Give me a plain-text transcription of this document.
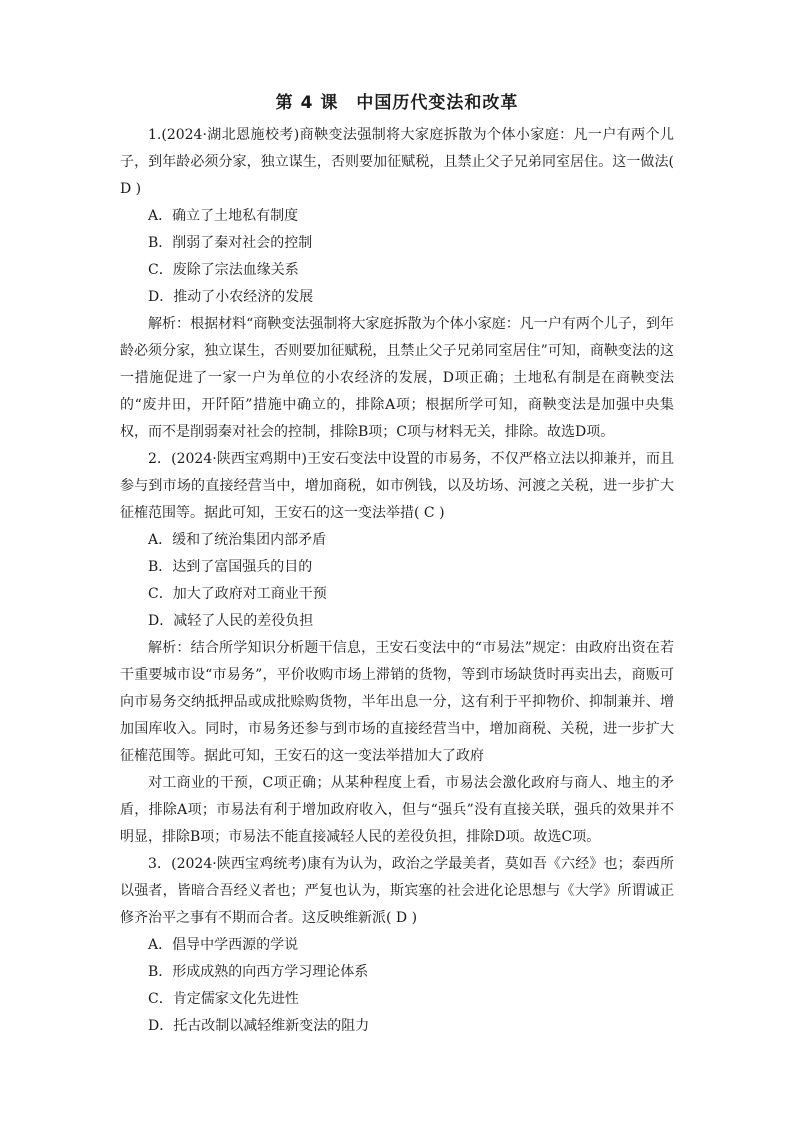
第 4 课　中国历代变法和改革

1.(2024·湖北恩施校考)商鞅变法强制将大家庭拆散为个体小家庭：凡一户有两个儿子，到年龄必须分家，独立谋生，否则要加征赋税，且禁止父子兄弟同室居住。这一做法( D )

A．确立了土地私有制度

B．削弱了秦对社会的控制

C．废除了宗法血缘关系

D．推动了小农经济的发展

解析：根据材料“商鞅变法强制将大家庭拆散为个体小家庭：凡一户有两个儿子，到年龄必须分家，独立谋生，否则要加征赋税，且禁止父子兄弟同室居住”可知，商鞅变法的这一措施促进了一家一户为单位的小农经济的发展，D项正确；土地私有制是在商鞅变法的“废井田，开阡陌”措施中确立的，排除A项；根据所学可知，商鞅变法是加强中央集权，而不是削弱秦对社会的控制，排除B项；C项与材料无关，排除。故选D项。

2．(2024·陕西宝鸡期中)王安石变法中设置的市易务，不仅严格立法以抑兼并，而且参与到市场的直接经营当中，增加商税，如市例钱，以及坊场、河渡之关税，进一步扩大征榷范围等。据此可知，王安石的这一变法举措( C )

A．缓和了统治集团内部矛盾

B．达到了富国强兵的目的

C．加大了政府对工商业干预

D．减轻了人民的差役负担

解析：结合所学知识分析题干信息，王安石变法中的“市易法”规定：由政府出资在若干重要城市设“市易务”，平价收购市场上滞销的货物，等到市场缺货时再卖出去，商贩可向市易务交纳抵押品或成批赊购货物，半年出息一分，这有利于平抑物价、抑制兼并、增加国库收入。同时，市易务还参与到市场的直接经营当中，增加商税、关税，进一步扩大征榷范围等。据此可知，王安石的这一变法举措加大了政府

对工商业的干预，C项正确；从某种程度上看，市易法会激化政府与商人、地主的矛盾，排除A项；市易法有利于增加政府收入，但与“强兵”没有直接关联，强兵的效果并不明显，排除B项；市易法不能直接减轻人民的差役负担，排除D项。故选C项。

3．(2024·陕西宝鸡统考)康有为认为，政治之学最美者，莫如吾《六经》也；泰西所以强者，皆暗合吾经义者也；严复也认为，斯宾塞的社会进化论思想与《大学》所谓诚正修齐治平之事有不期而合者。这反映维新派( D )

A．倡导中学西源的学说

B．形成成熟的向西方学习理论体系

C．肯定儒家文化先进性

D．托古改制以减轻维新变法的阻力
